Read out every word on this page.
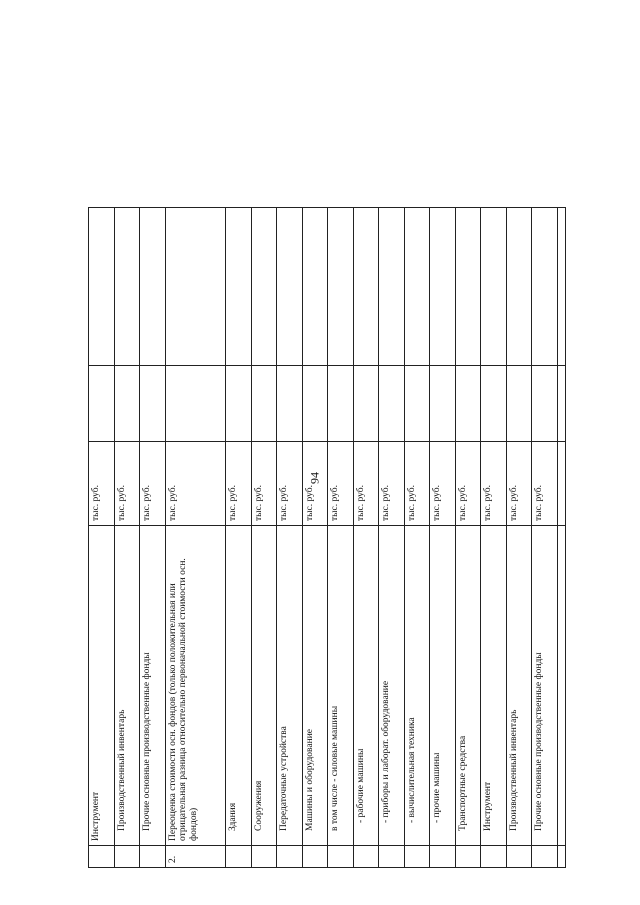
94
	Инструмент	тыс. руб.		
	Производственный инвентарь	тыс. руб.		
	Прочие основные производственные фонды	тыс. руб.		
2.	Переоценка стоимости осн. фондов (только положительная или отрицательная разница относительно первоначальной стоимости осн. фондов)	тыс. руб.		
	Здания	тыс. руб.		
	Сооружения	тыс. руб.		
	Передаточные устройства	тыс. руб.		
	Машины и оборудование	тыс. руб.		
	в том числе - силовые машины	тыс. руб.		
	- рабочие машины	тыс. руб.		
	- приборы и лаборат. оборудование	тыс. руб.		
	- вычислительная техника	тыс. руб.		
	- прочие машины	тыс. руб.		
	Транспортные средства	тыс. руб.		
	Инструмент	тыс. руб.		
	Производственный инвентарь	тыс. руб.		
	Прочие основные производственные фонды	тыс. руб.		
